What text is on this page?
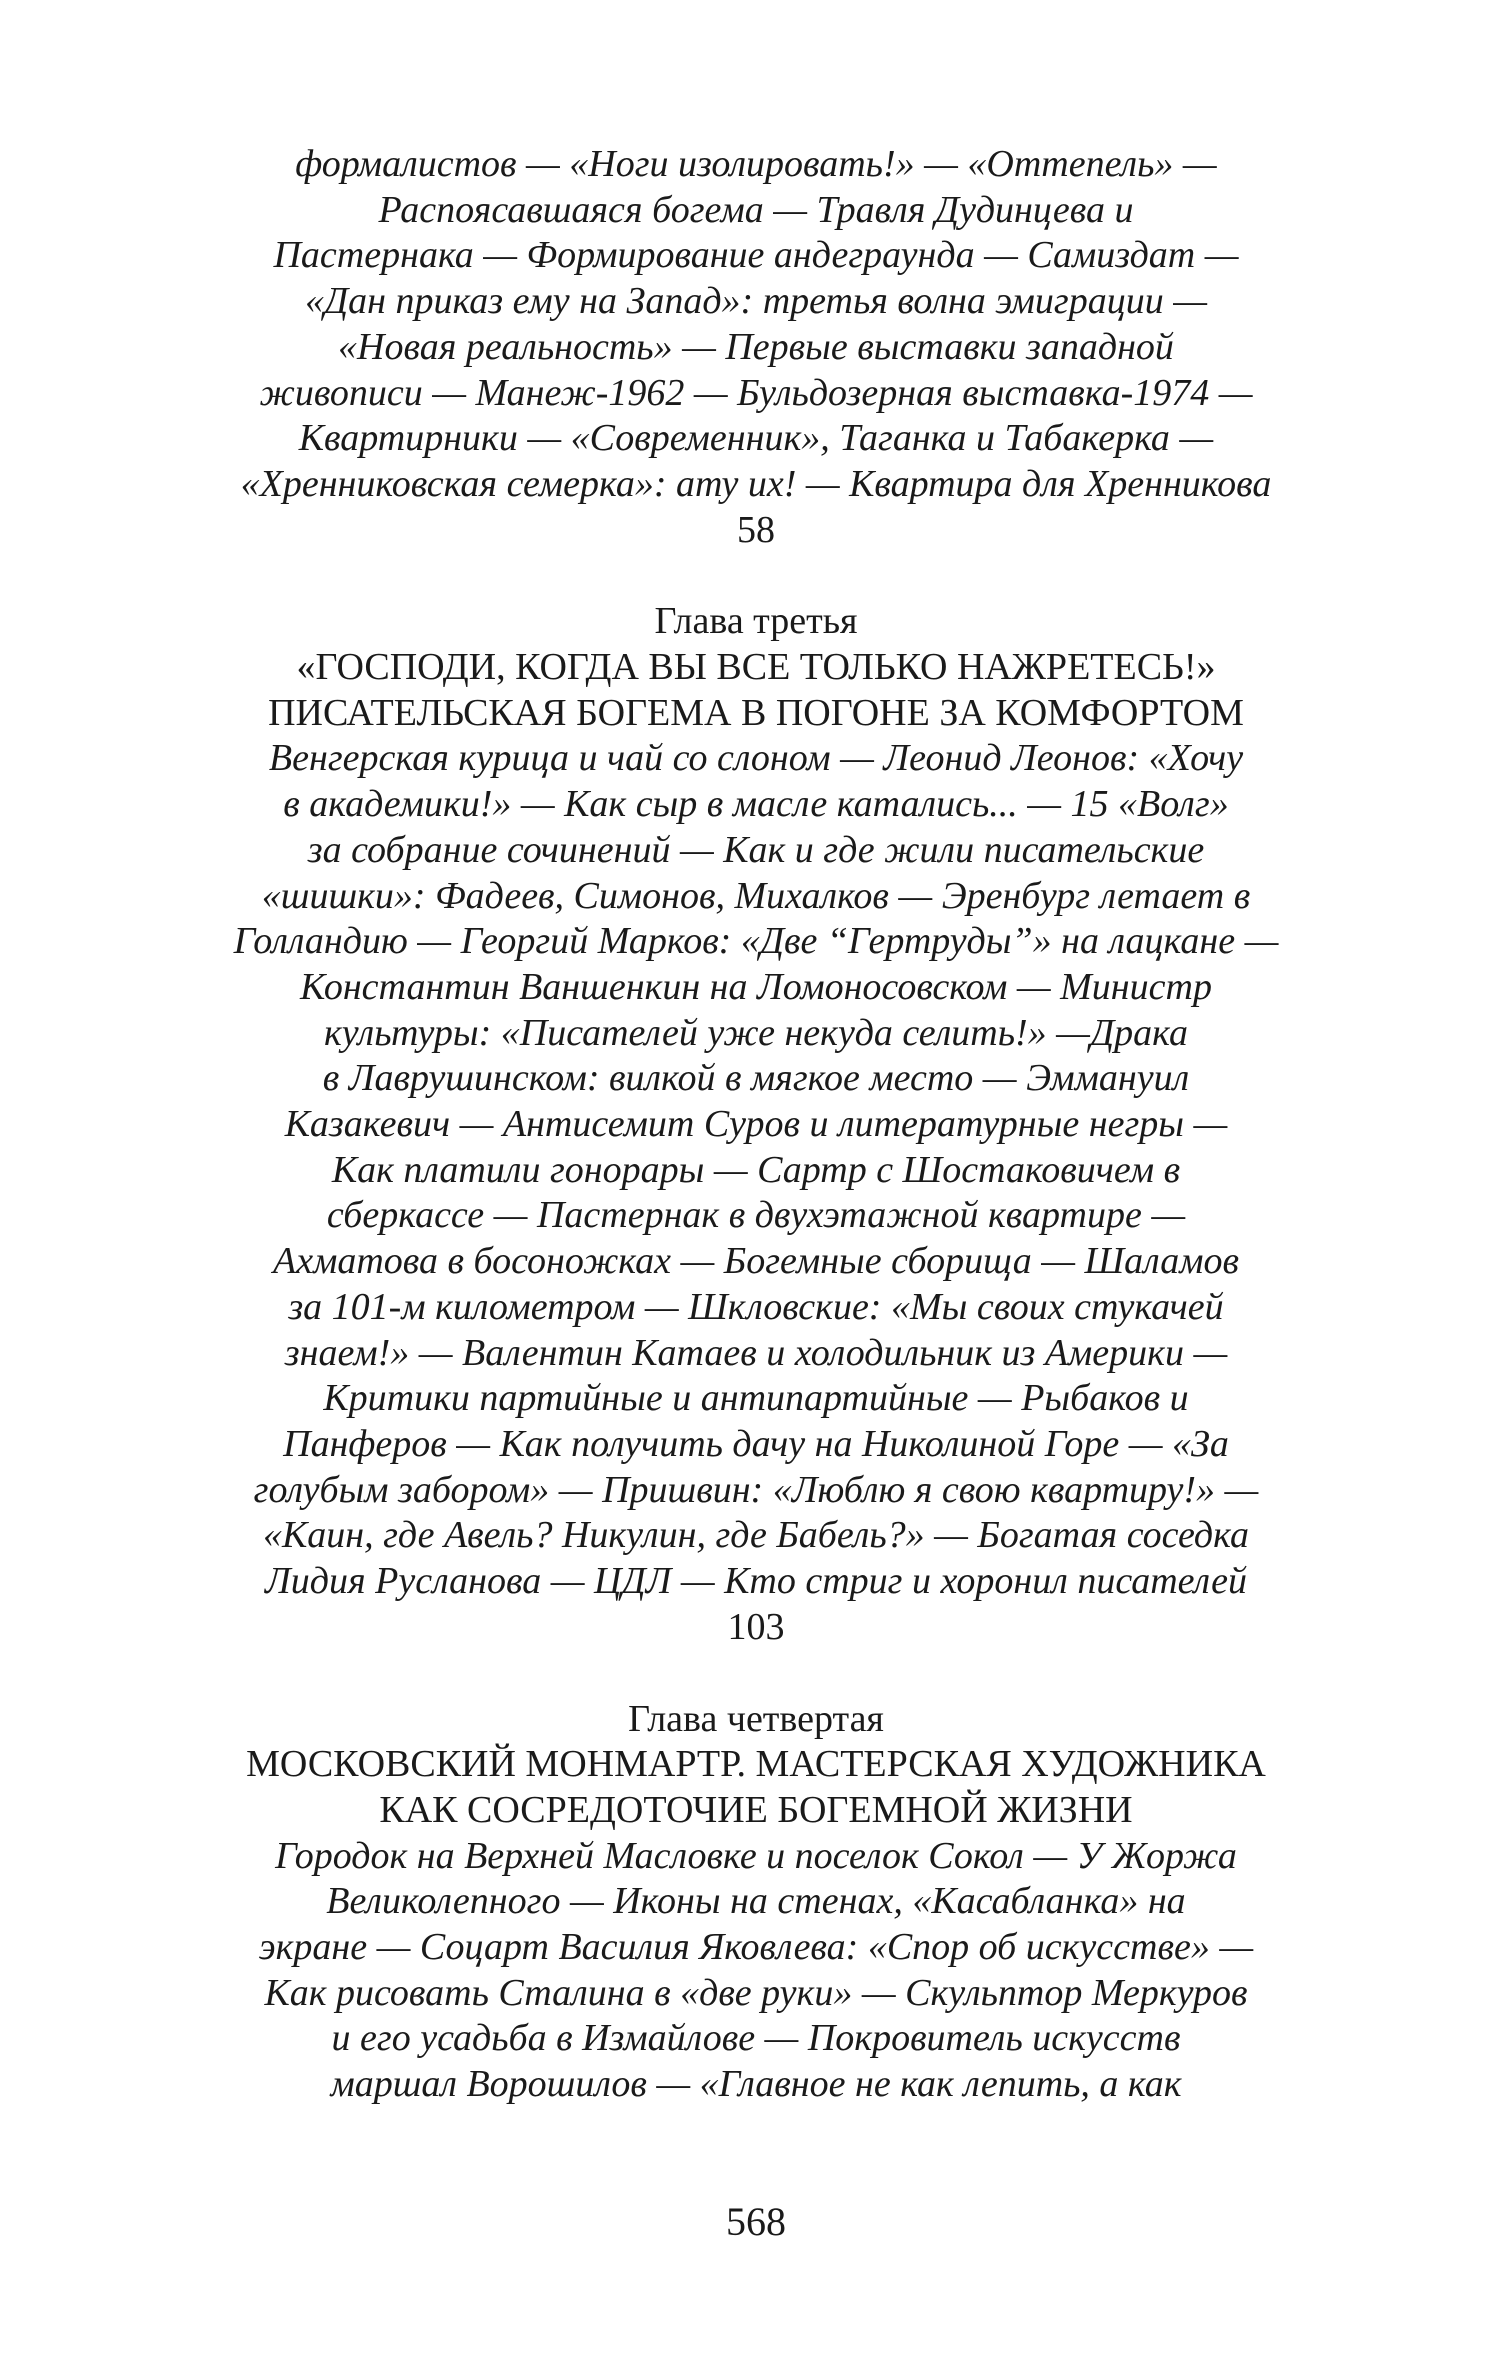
формалистов — «Ноги изолировать!» — «Оттепель» —
Распоясавшаяся богема — Травля Дудинцева и
Пастернака — Формирование андеграунда — Самиздат —
«Дан приказ ему на Запад»: третья волна эмиграции —
«Новая реальность» — Первые выставки западной
живописи — Манеж-1962 — Бульдозерная выставка-1974 —
Квартирники — «Современник», Таганка и Табакерка —
«Хренниковская семерка»: ату их! — Квартира для Хренникова
58
Глава третья
«ГОСПОДИ, КОГДА ВЫ ВСЕ ТОЛЬКО НАЖРЕТЕСЬ!»
ПИСАТЕЛЬСКАЯ БОГЕМА В ПОГОНЕ ЗА КОМФОРТОМ
Венгерская курица и чай со слоном — Леонид Леонов: «Хочу
в академики!» — Как сыр в масле катались... — 15 «Волг»
за собрание сочинений — Как и где жили писательские
«шишки»: Фадеев, Симонов, Михалков — Эренбург летает в
Голландию — Георгий Марков: «Две “Гертруды”» на лацкане —
Константин Ваншенкин на Ломоносовском — Министр
культуры: «Писателей уже некуда селить!» —Драка
в Лаврушинском: вилкой в мягкое место — Эммануил
Казакевич — Антисемит Суров и литературные негры —
Как платили гонорары — Сартр с Шостаковичем в
сберкассе — Пастернак в двухэтажной квартире —
Ахматова в босоножках — Богемные сборища — Шаламов
за 101-м километром — Шкловские: «Мы своих стукачей
знаем!» — Валентин Катаев и холодильник из Америки —
Критики партийные и антипартийные — Рыбаков и
Панферов — Как получить дачу на Николиной Горе — «За
голубым забором» — Пришвин: «Люблю я свою квартиру!» —
«Каин, где Авель? Никулин, где Бабель?» — Богатая соседка
Лидия Русланова — ЦДЛ — Кто стриг и хоронил писателей
103
Глава четвертая
МОСКОВСКИЙ МОНМАРТР. МАСТЕРСКАЯ ХУДОЖНИКА
КАК СОСРЕДОТОЧИЕ БОГЕМНОЙ ЖИЗНИ
Городок на Верхней Масловке и поселок Сокол — У Жоржа
Великолепного — Иконы на стенах, «Касабланка» на
экране — Соцарт Василия Яковлева: «Спор об искусстве» —
Как рисовать Сталина в «две руки» — Скульптор Меркуров
и его усадьба в Измайлове — Покровитель искусств
маршал Ворошилов — «Главное не как лепить, а как
568
